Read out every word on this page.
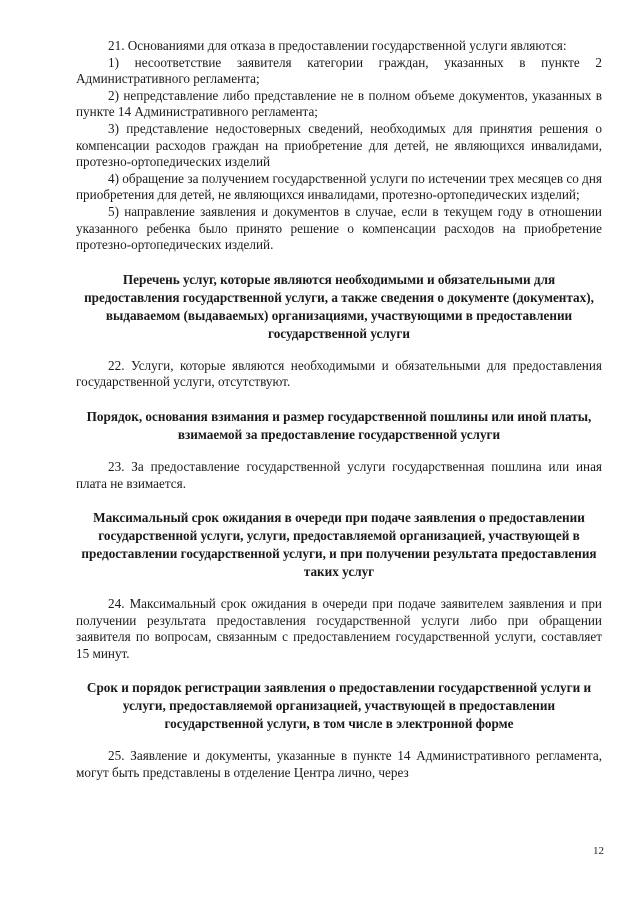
21. Основаниями для отказа в предоставлении государственной услуги являются:

1) несоответствие заявителя категории граждан, указанных в пункте 2 Административного регламента;

2) непредставление либо представление не в полном объеме документов, указанных в пункте 14 Административного регламента;

3) представление недостоверных сведений, необходимых для принятия решения о компенсации расходов граждан на приобретение для детей, не являющихся инвалидами, протезно-ортопедических изделий

4) обращение за получением государственной услуги по истечении трех месяцев со дня приобретения для детей, не являющихся инвалидами, протезно-ортопедических изделий;

5) направление заявления и документов в случае, если в текущем году в отношении указанного ребенка было принято решение о компенсации расходов на приобретение протезно-ортопедических изделий.

Перечень услуг, которые являются необходимыми и обязательными для предоставления государственной услуги, а также сведения о документе (документах), выдаваемом (выдаваемых) организациями, участвующими в предоставлении государственной услуги

22. Услуги, которые являются необходимыми и обязательными для предоставления государственной услуги, отсутствуют.

Порядок, основания взимания и размер государственной пошлины или иной платы, взимаемой за предоставление государственной услуги

23. За предоставление государственной услуги государственная пошлина или иная плата не взимается.

Максимальный срок ожидания в очереди при подаче заявления о предоставлении государственной услуги, услуги, предоставляемой организацией, участвующей в предоставлении государственной услуги, и при получении результата предоставления таких услуг

24. Максимальный срок ожидания в очереди при подаче заявителем заявления и при получении результата предоставления государственной услуги либо при обращении заявителя по вопросам, связанным с предоставлением государственной услуги, составляет 15 минут.

Срок и порядок регистрации заявления о предоставлении государственной услуги и услуги, предоставляемой организацией, участвующей в предоставлении государственной услуги, в том числе в электронной форме

25. Заявление и документы, указанные в пункте 14 Административного регламента, могут быть представлены в отделение Центра лично, через

12
